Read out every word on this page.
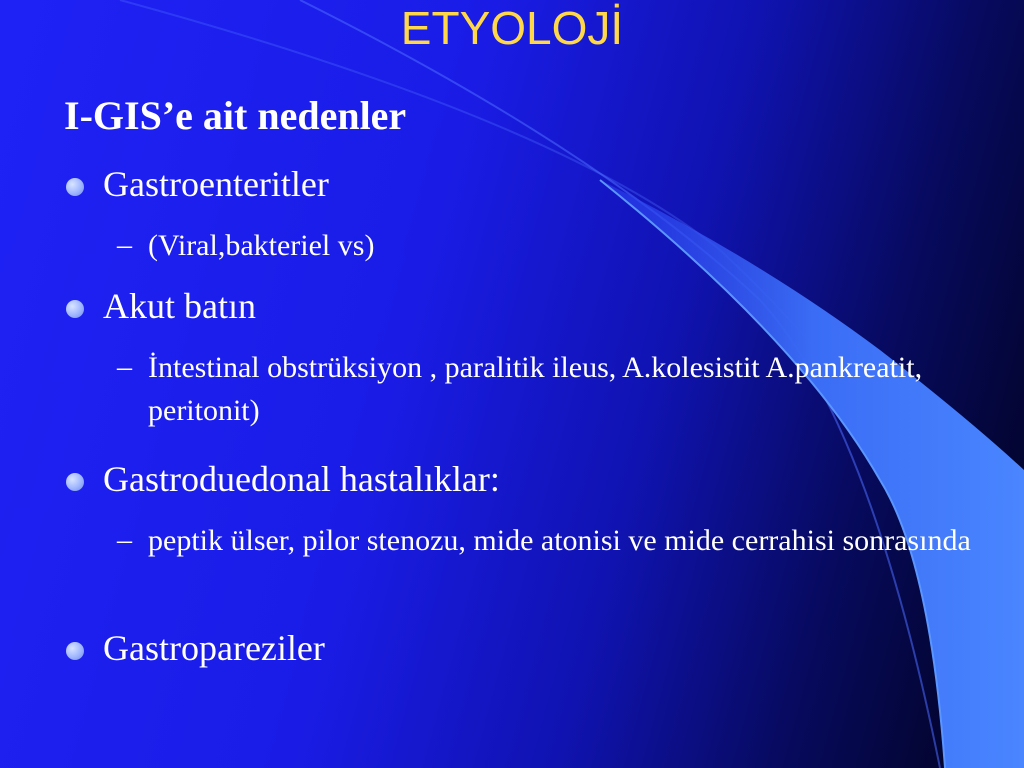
ETYOLOJİ
I-GIS’e ait nedenler
Gastroenteritler
– (Viral,bakteriel vs)
Akut batın
– İntestinal obstrüksiyon , paralitik ileus, A.kolesistit A.pankreatit, peritonit)
Gastroduedonal hastalıklar:
– peptik ülser, pilor stenozu, mide atonisi ve mide cerrahisi sonrasında
Gastropareziler
